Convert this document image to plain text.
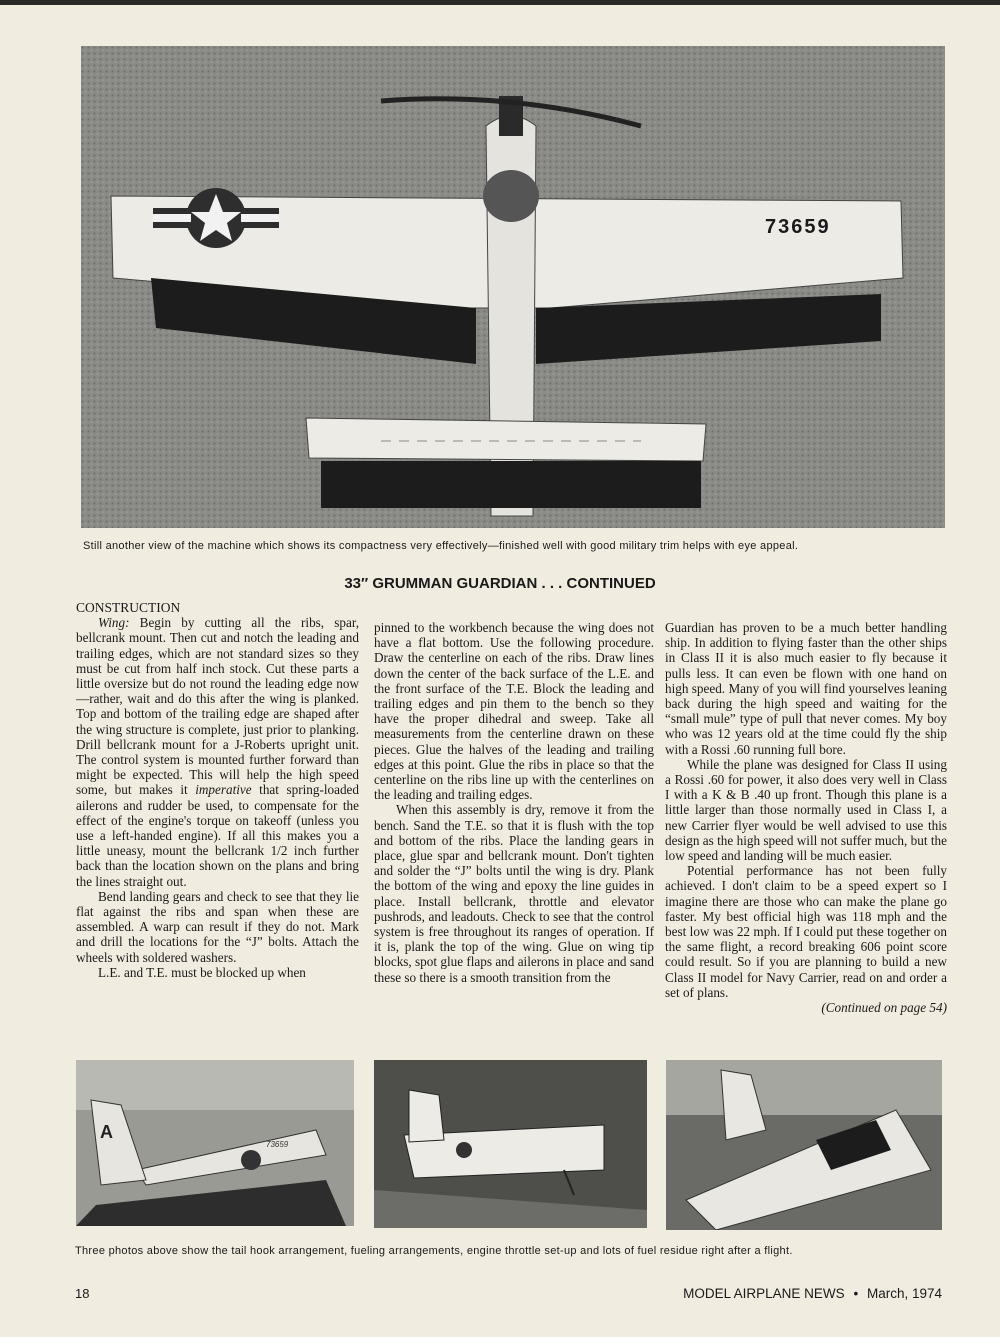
73659
Still another view of the machine which shows its compactness very effectively—finished well with good military trim helps with eye appeal.
33″ GRUMMAN GUARDIAN . . . CONTINUED

CONSTRUCTION

Wing: Begin by cutting all the ribs, spar, bellcrank mount. Then cut and notch the leading and trailing edges, which are not standard sizes so they must be cut from half inch stock. Cut these parts a little oversize but do not round the leading edge now —rather, wait and do this after the wing is planked. Top and bottom of the trailing edge are shaped after the wing structure is complete, just prior to planking. Drill bellcrank mount for a J-Roberts upright unit. The control system is mounted further forward than might be expected. This will help the high speed some, but makes it imperative that spring-loaded ailerons and rudder be used, to compensate for the effect of the engine's torque on takeoff (unless you use a left-handed engine). If all this makes you a little uneasy, mount the bellcrank 1/2 inch further back than the location shown on the plans and bring the lines straight out.

Bend landing gears and check to see that they lie flat against the ribs and span when these are assembled. A warp can result if they do not. Mark and drill the locations for the “J” bolts. Attach the wheels with soldered washers.

L.E. and T.E. must be blocked up when

pinned to the workbench because the wing does not have a flat bottom. Use the following procedure. Draw the centerline on each of the ribs. Draw lines down the center of the back surface of the L.E. and the front surface of the T.E. Block the leading and trailing edges and pin them to the bench so they have the proper dihedral and sweep. Take all measurements from the centerline drawn on these pieces. Glue the halves of the leading and trailing edges at this point. Glue the ribs in place so that the centerline on the ribs line up with the centerlines on the leading and trailing edges.

When this assembly is dry, remove it from the bench. Sand the T.E. so that it is flush with the top and bottom of the ribs. Place the landing gears in place, glue spar and bellcrank mount. Don't tighten and solder the “J” bolts until the wing is dry. Plank the bottom of the wing and epoxy the line guides in place. Install bellcrank, throttle and elevator pushrods, and leadouts. Check to see that the control system is free throughout its ranges of operation. If it is, plank the top of the wing. Glue on wing tip blocks, spot glue flaps and ailerons in place and sand these so there is a smooth transition from the

Guardian has proven to be a much better handling ship. In addition to flying faster than the other ships in Class II it is also much easier to fly because it pulls less. It can even be flown with one hand on high speed. Many of you will find yourselves leaning back during the high speed and waiting for the “small mule” type of pull that never comes. My boy who was 12 years old at the time could fly the ship with a Rossi .60 running full bore.

While the plane was designed for Class II using a Rossi .60 for power, it also does very well in Class I with a K & B .40 up front. Though this plane is a little larger than those normally used in Class I, a new Carrier flyer would be well advised to use this design as the high speed will not suffer much, but the low speed and landing will be much easier.

Potential performance has not been fully achieved. I don't claim to be a speed expert so I imagine there are those who can make the plane go faster. My best official high was 118 mph and the best low was 22 mph. If I could put these together on the same flight, a record breaking 606 point score could result. So if you are planning to build a new Class II model for Navy Carrier, read on and order a set of plans.

(Continued on page 54)

A
73659
Three photos above show the tail hook arrangement, fueling arrangements, engine throttle set-up and lots of fuel residue right after a flight.
18	MODEL AIRPLANE NEWS • March, 1974
